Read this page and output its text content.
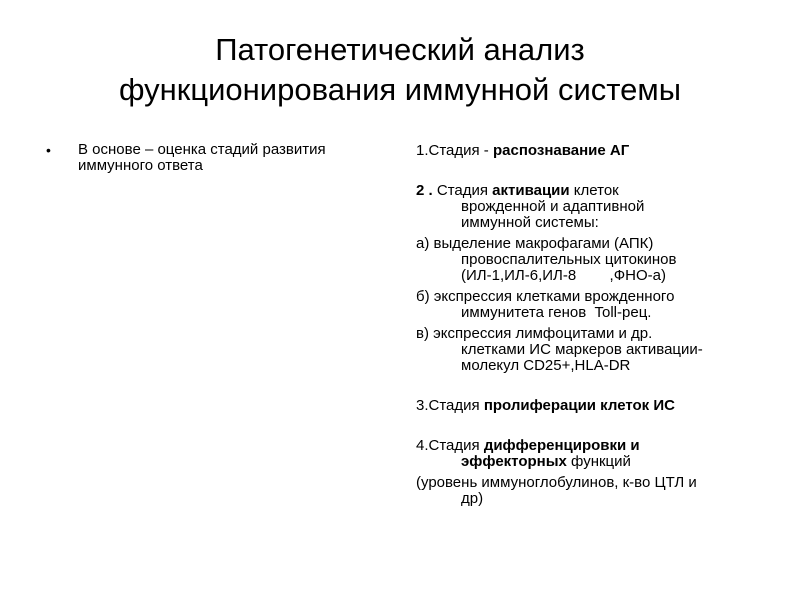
Патогенетический анализ
функционирования иммунной системы
• В основе – оценка стадий развития
иммунного ответа

1.Стадия - распознавание АГ

2 . Стадия активации клеток
врожденной и адаптивной
иммунной системы:

а) выделение макрофагами (АПК)
провоспалительных цитокинов
(ИЛ-1,ИЛ-6,ИЛ-8        ,ФНО-а)

б) экспрессия клетками врожденного
иммунитета генов  Toll-рец.

в) экспрессия лимфоцитами и др.
клетками ИС маркеров активации-
молекул CD25+,HLA-DR

3.Стадия пролиферации клеток ИС

4.Стадия дифференцировки и
эффекторных функций

(уровень иммуноглобулинов, к-во ЦТЛ и
др)
